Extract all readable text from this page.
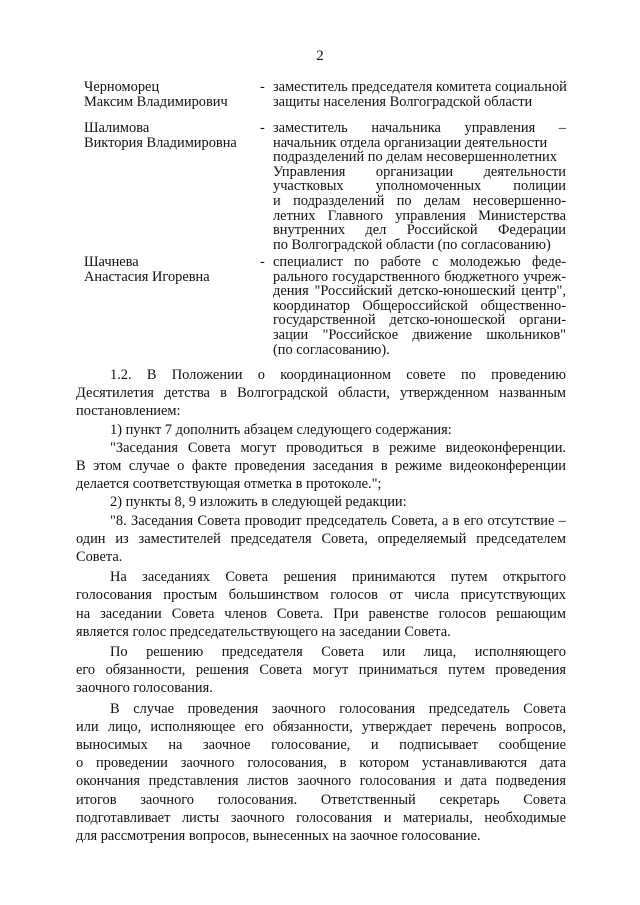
2
Черноморец
Максим Владимирович
- заместитель председателя комитета социальной
защиты населения Волгоградской области
Шалимова
Виктория Владимировна
- заместитель начальника управления –
начальник отдела организации деятельности
подразделений по делам несовершеннолетних
Управления организации деятельности
участковых уполномоченных полиции
и подразделений по делам несовершенно-
летних Главного управления Министерства
внутренних дел Российской Федерации
по Волгоградской области (по согласованию)
Шачнева
Анастасия Игоревна
- специалист по работе с молодежью феде-
рального государственного бюджетного учреж-
дения "Российский детско-юношеский центр",
координатор Общероссийской общественно-
государственной детско-юношеской органи-
зации "Российское движение школьников"
(по согласованию).

1.2. В Положении о координационном совете по проведению
Десятилетия детства в Волгоградской области, утвержденном названным
постановлением:

1) пункт 7 дополнить абзацем следующего содержания:

"Заседания Совета могут проводиться в режиме видеоконференции.
В этом случае о факте проведения заседания в режиме видеоконференции
делается соответствующая отметка в протоколе.";

2) пункты 8, 9 изложить в следующей редакции:

"8. Заседания Совета проводит председатель Совета, а в его отсутствие –
один из заместителей председателя Совета, определяемый председателем
Совета.

На заседаниях Совета решения принимаются путем открытого
голосования простым большинством голосов от числа присутствующих
на заседании Совета членов Совета. При равенстве голосов решающим
является голос председательствующего на заседании Совета.

По решению председателя Совета или лица, исполняющего
его обязанности, решения Совета могут приниматься путем проведения
заочного голосования.

В случае проведения заочного голосования председатель Совета
или лицо, исполняющее его обязанности, утверждает перечень вопросов,
выносимых на заочное голосование, и подписывает сообщение
о проведении заочного голосования, в котором устанавливаются дата
окончания представления листов заочного голосования и дата подведения
итогов заочного голосования. Ответственный секретарь Совета
подготавливает листы заочного голосования и материалы, необходимые
для рассмотрения вопросов, вынесенных на заочное голосование.
